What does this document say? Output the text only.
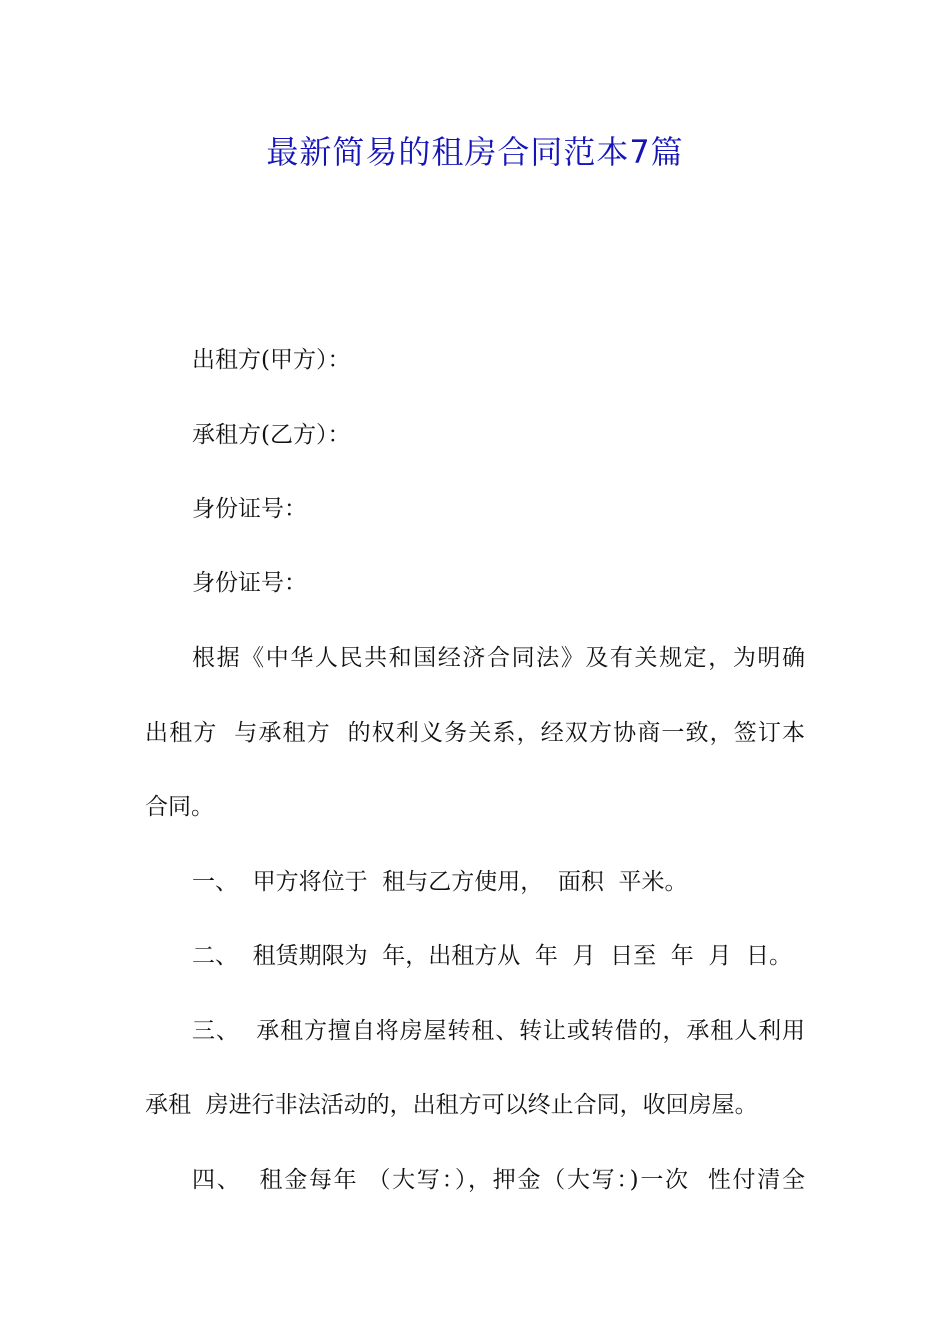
最新简易的租房合同范本7篇
出租方(甲方）：
承租方(乙方）：
身份证号：
身份证号：
根据《中华人民共和国经济合同法》及有关规定，为明确
出租方  与承租方  的权利义务关系，经双方协商一致，签订本
合同。
一、  甲方将位于  租与乙方使用，  面积  平米。
二、  租赁期限为  年，出租方从  年  月  日至  年  月  日。
三、  承租方擅自将房屋转租、转让或转借的，承租人利用
承租  房进行非法活动的，出租方可以终止合同，收回房屋。
四、  租金每年 （大写：），押金（大写：)一次  性付清全
